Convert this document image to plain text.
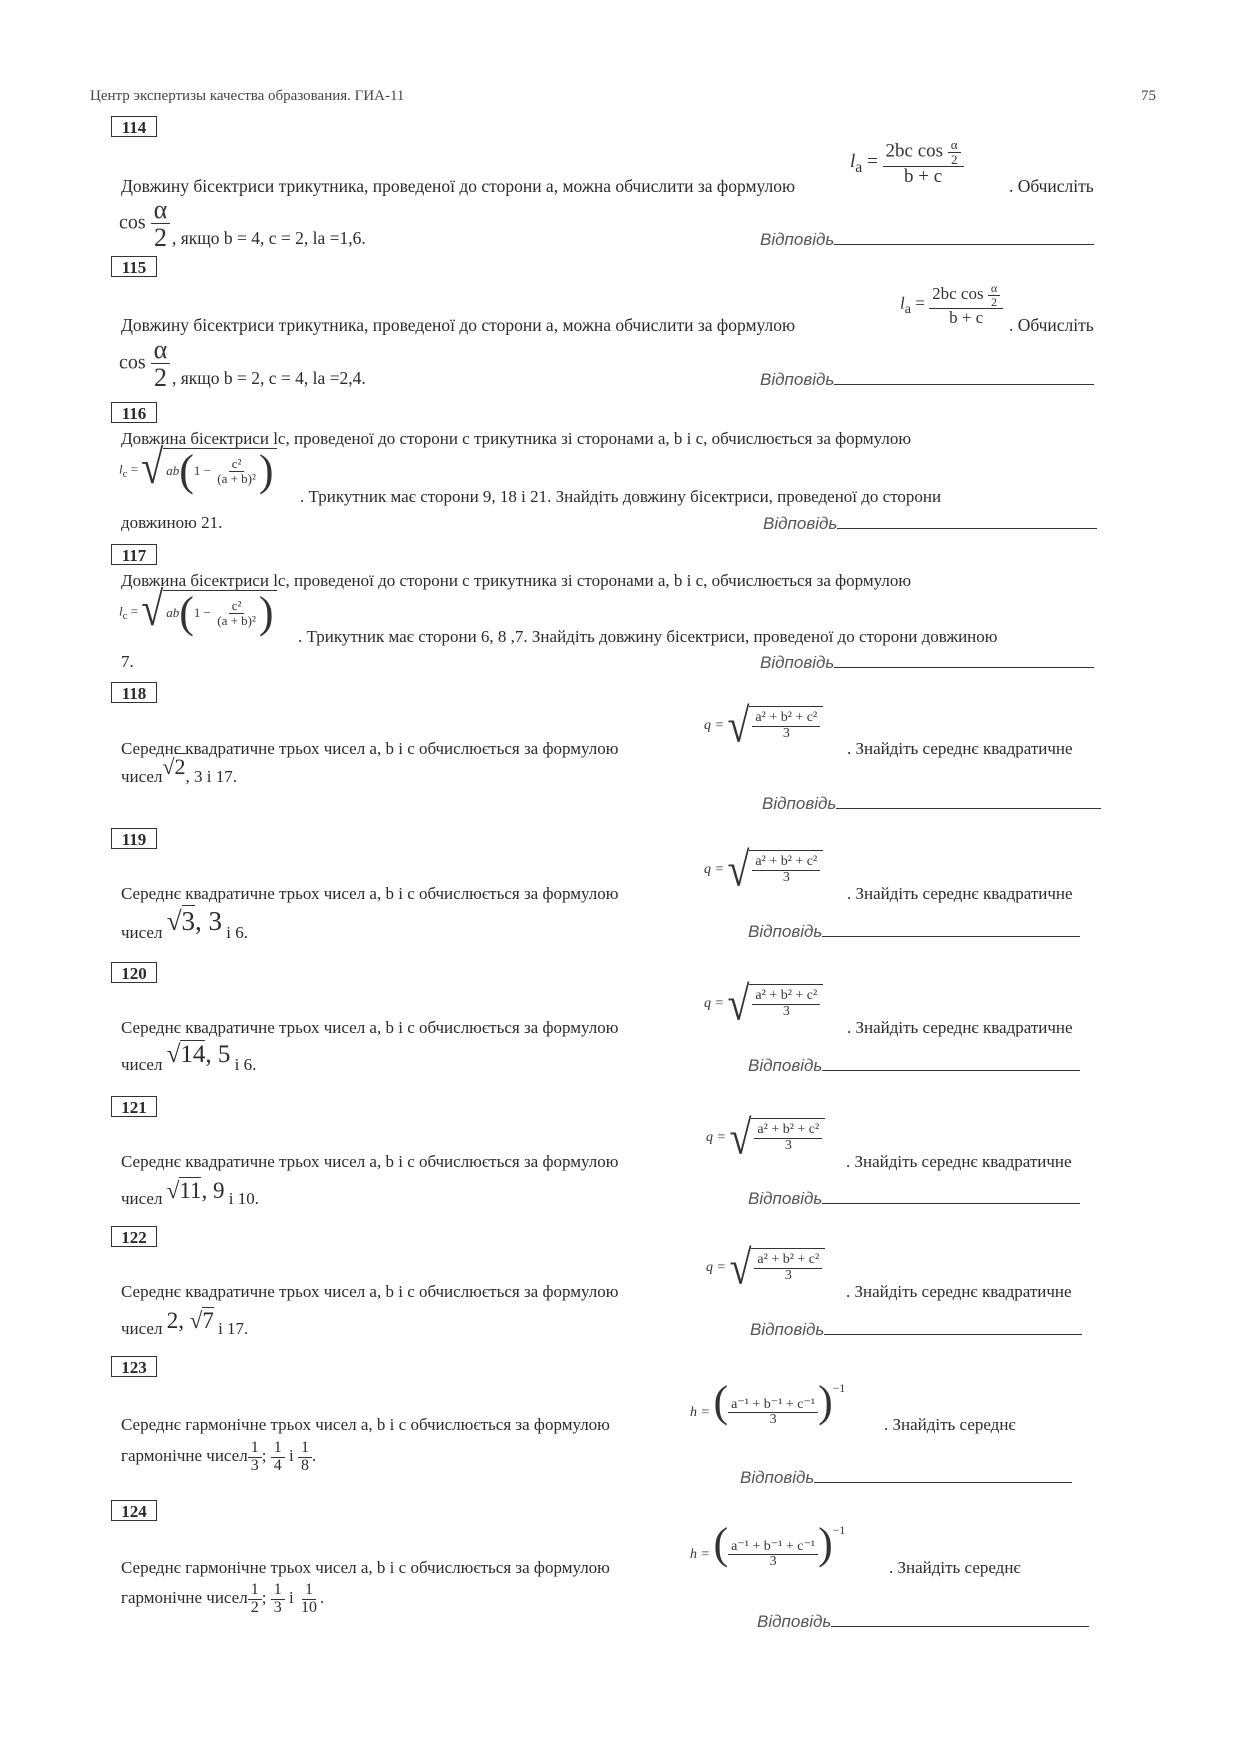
Центр экспертизы качества образования. ГИА-11	75
114
$l_a = \frac{2bc \cos \frac{\alpha}{2}}{b + c}$
Довжину бісектриси трикутника, проведеної до сторони a, можна обчислити за формулою	. Обчисліть
$\cos \frac{\alpha}{2}$ , якщо b = 4, c = 2, la =1,6.	Відповідь
115
$l_a = \frac{2bc \cos \frac{\alpha}{2}}{b + c}$
Довжину бісектриси трикутника, проведеної до сторони a, можна обчислити за формулою	. Обчисліть
$\cos \frac{\alpha}{2}$ , якщо b = 2, c = 4, la =2,4.	Відповідь
116
Довжина бісектриси lc, проведеної до сторони c трикутника зі сторонами a, b і c, обчислюється за формулою
$l_c$ = √ ab ( 1 −
$\frac{\text{c²}}{\text{(a + b)²}}$ )
. Трикутник має сторони 9, 18 і 21. Знайдіть довжину бісектриси, проведеної до сторони
довжиною 21.	Відповідь
117
Довжина бісектриси lc, проведеної до сторони c трикутника зі сторонами a, b і c, обчислюється за формулою
$l_c$ = √ ab ( 1 −
$\frac{\text{c²}}{\text{(a + b)²}}$ ) . Трикутник має сторони 6, 8 ,7. Знайдіть довжину бісектриси, проведеної до сторони довжиною
7.	Відповідь
118
q = √ $\frac{\text{a² + b² + c²}}{3}$
Середнє квадратичне трьох чисел a, b і c обчислюється за формулою	. Знайдіть середнє квадратичне
чисел√2, 3 і 17.
Відповідь
119
q = √ $\frac{\text{a² + b² + c²}}{3}$
Середнє квадратичне трьох чисел a, b і c обчислюється за формулою	. Знайдіть середнє квадратичне
чисел √3, 3 і 6.	Відповідь
120
q = √ $\frac{\text{a² + b² + c²}}{3}$
Середнє квадратичне трьох чисел a, b і c обчислюється за формулою	. Знайдіть середнє квадратичне
чисел √14, 5 і 6.	Відповідь
121
q = √ $\frac{\text{a² + b² + c²}}{3}$
Середнє квадратичне трьох чисел a, b і c обчислюється за формулою	. Знайдіть середнє квадратичне
чисел √11, 9 і 10.	Відповідь
122
q = √ $\frac{\text{a² + b² + c²}}{3}$
Середнє квадратичне трьох чисел a, b і c обчислюється за формулою	. Знайдіть середнє квадратичне
чисел 2, √7 і 17.	Відповідь
123
h = ( $\frac{\text{a⁻¹ + b⁻¹ + c⁻¹}}{3} )^{-1}$
Середнє гармонічне трьох чисел a, b і c обчислюється за формулою	. Знайдіть середнє
гармонічне чисел $\frac{1}{3}$ ; $\frac{1}{4}$ і $\frac{1}{8}$ .
Відповідь
124
h = ( $\frac{\text{a⁻¹ + b⁻¹ + c⁻¹}}{3} )^{-1}$
Середнє гармонічне трьох чисел a, b і c обчислюється за формулою	. Знайдіть середнє
гармонічне чисел $\frac{1}{2}$ ; $\frac{1}{3}$ і $\frac{1}{10}$ .
Відповідь
